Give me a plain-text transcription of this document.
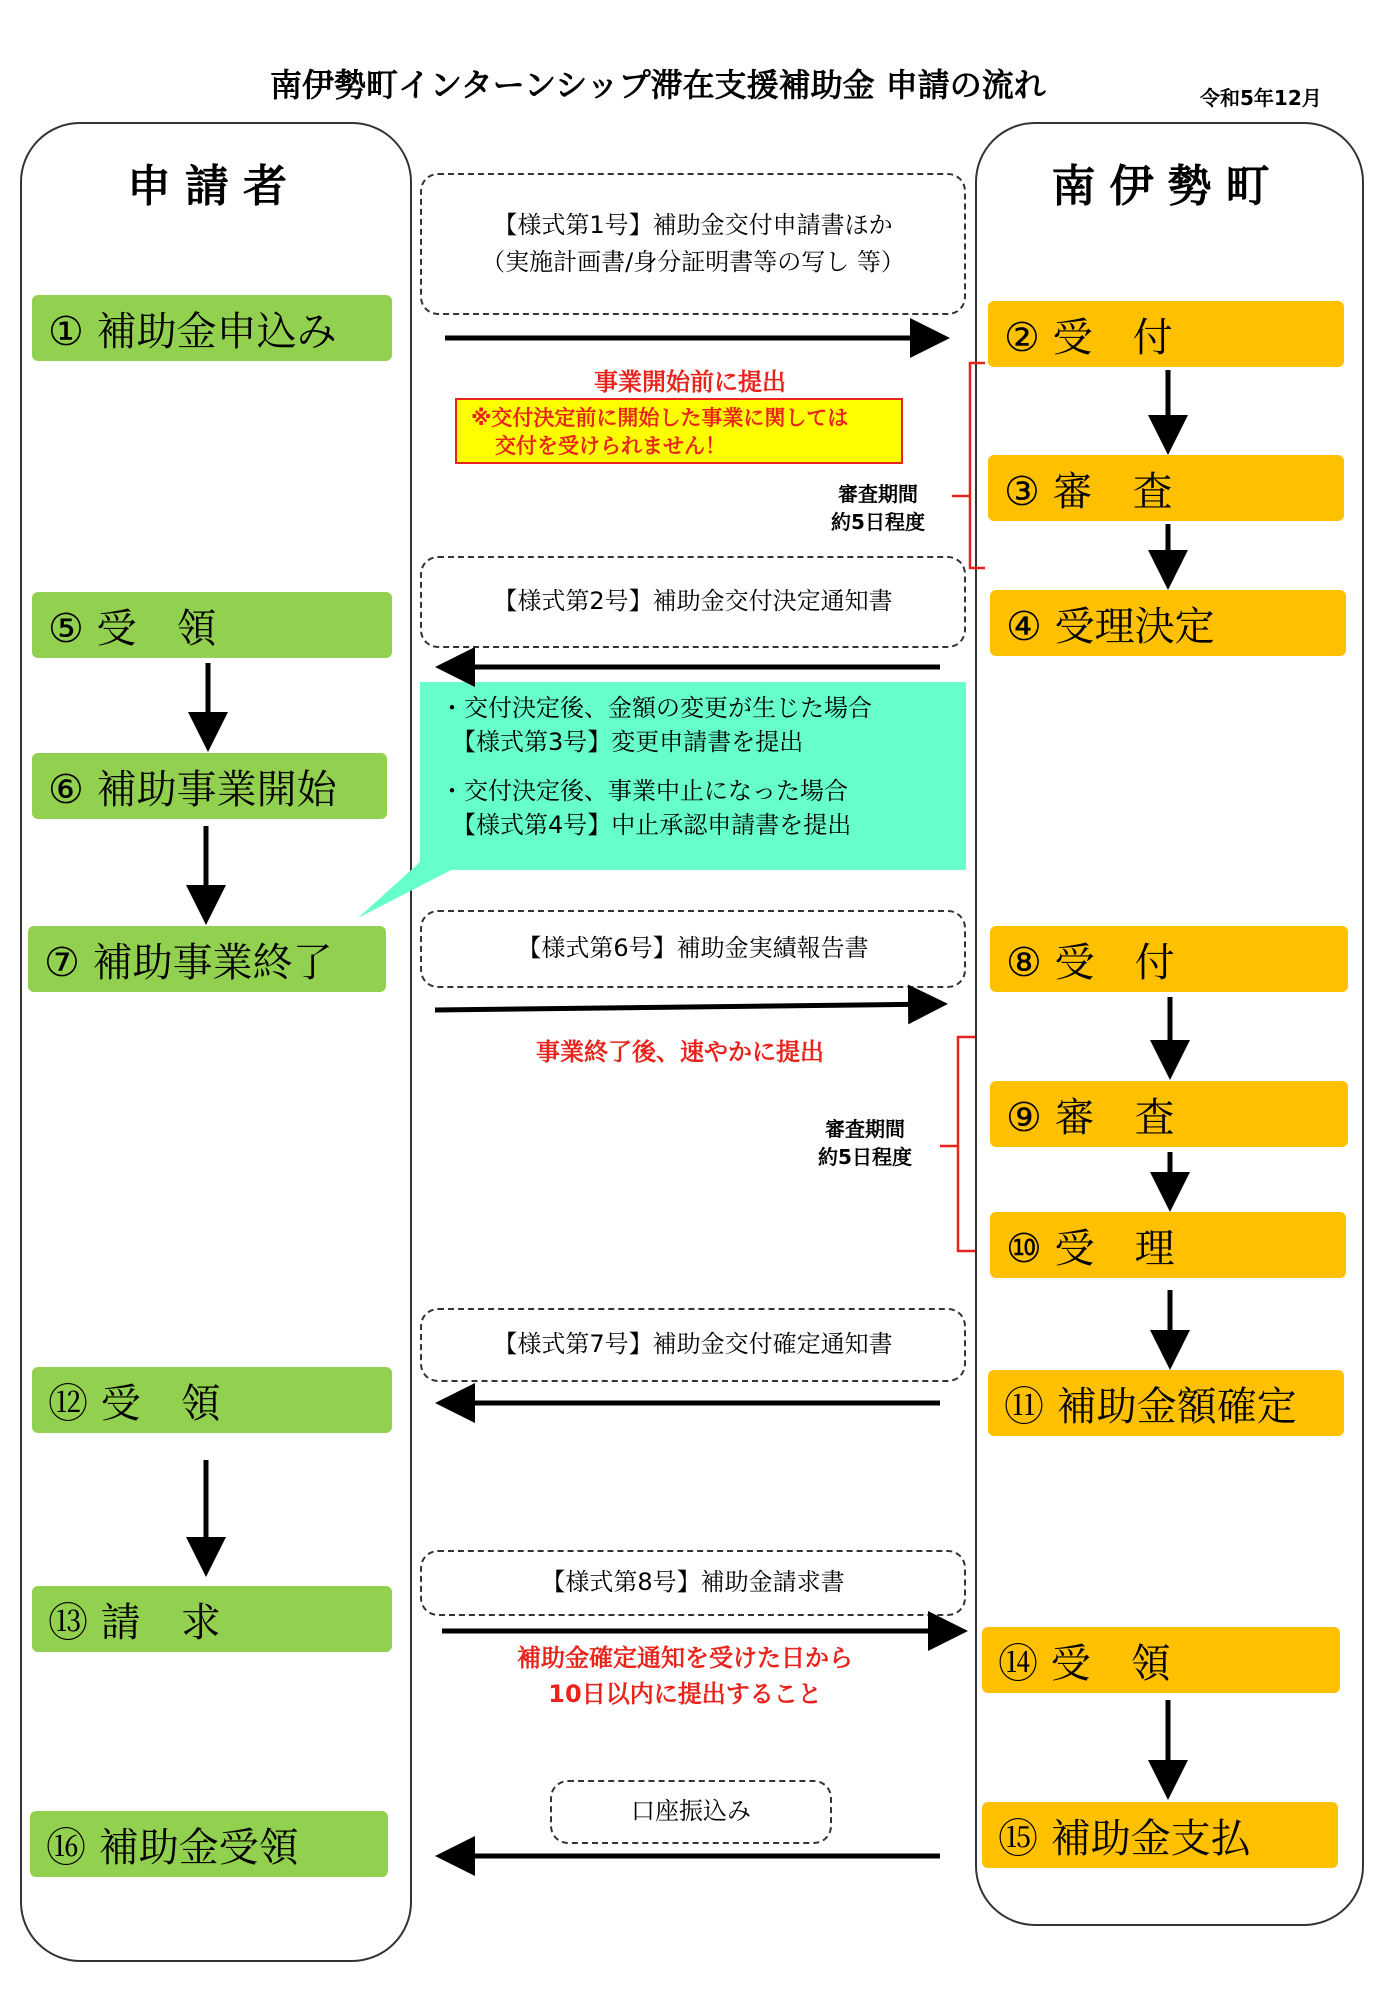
南伊勢町インターンシップ滞在支援補助金 申請の流れ	令和5年12月
申請者	南伊勢町
【様式第1号】補助金交付申請書ほか
（実施計画書/身分証明書等の写し 等）
【様式第2号】補助金交付決定通知書
【様式第6号】補助金実績報告書
【様式第7号】補助金交付確定通知書
【様式第8号】補助金請求書
口座振込み
事業開始前に提出
※交付決定前に開始した事業に関しては
交付を受けられません！
審査期間
約5日程度
・交付決定後、金額の変更が生じた場合
【様式第3号】変更申請書を提出
・交付決定後、事業中止になった場合
【様式第4号】中止承認申請書を提出
事業終了後、速やかに提出
審査期間
約5日程度
補助金確定通知を受けた日から
10日以内に提出すること
① 補助金申込み
⑤ 受　領
⑥ 補助事業開始
⑦ 補助事業終了
⑫ 受　領
⑬ 請　求
⑯ 補助金受領
② 受　付
③ 審　査
④ 受理決定
⑧ 受　付
⑨ 審　査
⑩ 受　理
⑪ 補助金額確定
⑭ 受　領
⑮ 補助金支払
